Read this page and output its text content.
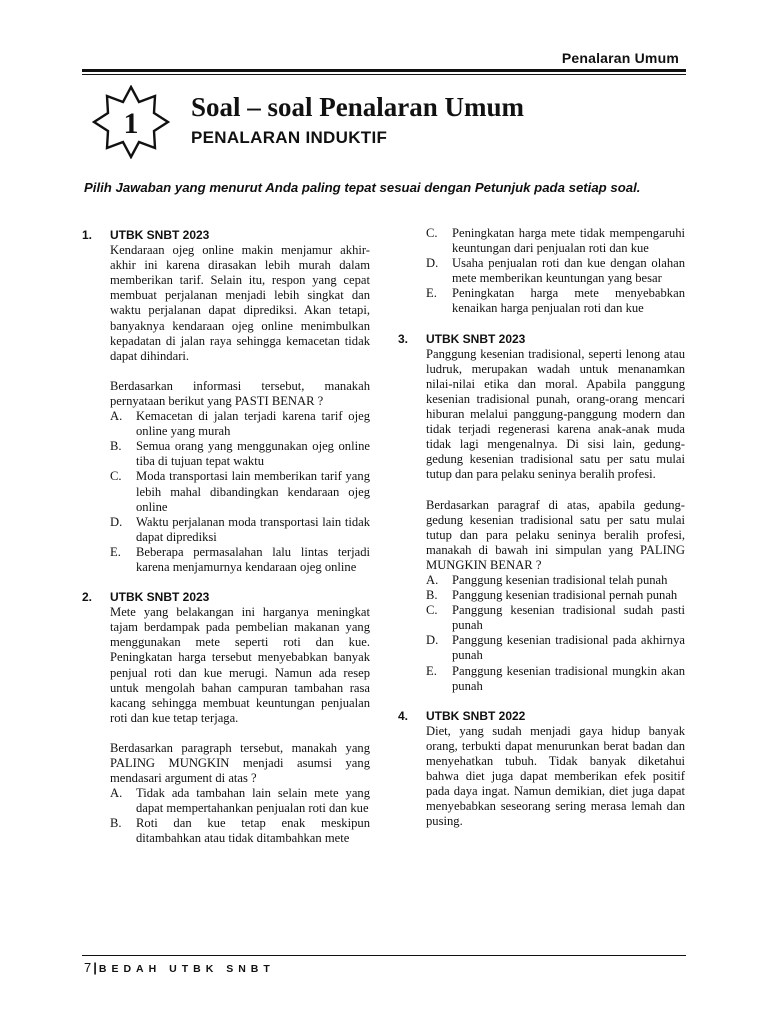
Penalaran Umum
1 Soal – soal Penalaran Umum
PENALARAN INDUKTIF
Pilih Jawaban yang menurut Anda paling tepat sesuai dengan Petunjuk pada setiap soal.
1. UTBK SNBT 2023

Kendaraan ojeg online makin menjamur akhir-akhir ini karena dirasakan lebih murah dalam memberikan tarif. Selain itu, respon yang cepat membuat perjalanan menjadi lebih singkat dan waktu perjalanan dapat diprediksi. Akan tetapi, banyaknya kendaraan ojeg online menimbulkan kepadatan di jalan raya sehingga kemacetan tidak dapat dihindari.

Berdasarkan informasi tersebut, manakah pernyataan berikut yang PASTI BENAR ?

A. Kemacetan di jalan terjadi karena tarif ojeg online yang murah
B. Semua orang yang menggunakan ojeg online tiba di tujuan tepat waktu
C. Moda transportasi lain memberikan tarif yang lebih mahal dibandingkan kendaraan ojeg online
D. Waktu perjalanan moda transportasi lain tidak dapat diprediksi
E. Beberapa permasalahan lalu lintas terjadi karena menjamurnya kendaraan ojeg online
2. UTBK SNBT 2023

Mete yang belakangan ini harganya meningkat tajam berdampak pada pembelian makanan yang menggunakan mete seperti roti dan kue. Peningkatan harga tersebut menyebabkan banyak penjual roti dan kue merugi. Namun ada resep untuk mengolah bahan campuran tambahan rasa kacang sehingga membuat keuntungan penjualan roti dan kue tetap terjaga.

Berdasarkan paragraph tersebut, manakah yang PALING MUNGKIN menjadi asumsi yang mendasari argument di atas ?

A. Tidak ada tambahan lain selain mete yang dapat mempertahankan penjualan roti dan kue
B. Roti dan kue tetap enak meskipun ditambahkan atau tidak ditambahkan mete
C. Peningkatan harga mete tidak mempengaruhi keuntungan dari penjualan roti dan kue
D. Usaha penjualan roti dan kue dengan olahan mete memberikan keuntungan yang besar
E. Peningkatan harga mete menyebabkan kenaikan harga penjualan roti dan kue
3. UTBK SNBT 2023

Panggung kesenian tradisional, seperti lenong atau ludruk, merupakan wadah untuk menanamkan nilai-nilai etika dan moral. Apabila panggung kesenian tradisional punah, orang-orang mencari hiburan melalui panggung-panggung modern dan tidak terjadi regenerasi karena anak-anak muda tidak lagi mengenalnya. Di sisi lain, gedung-gedung kesenian tradisional satu per satu mulai tutup dan para pelaku seninya beralih profesi.

Berdasarkan paragraf di atas, apabila gedung-gedung kesenian tradisional satu per satu mulai tutup dan para pelaku seninya beralih profesi, manakah di bawah ini simpulan yang PALING MUNGKIN BENAR ?

A. Panggung kesenian tradisional telah punah
B. Panggung kesenian tradisional pernah punah
C. Panggung kesenian tradisional sudah pasti punah
D. Panggung kesenian tradisional pada akhirnya punah
E. Panggung kesenian tradisional mungkin akan punah
4. UTBK SNBT 2022

Diet, yang sudah menjadi gaya hidup banyak orang, terbukti dapat menurunkan berat badan dan menyehatkan tubuh. Tidak banyak diketahui bahwa diet juga dapat memberikan efek positif pada daya ingat. Namun demikian, diet juga dapat menyebabkan seseorang sering merasa lemah dan pusing.

7 | BEDAH UTBK SNBT
